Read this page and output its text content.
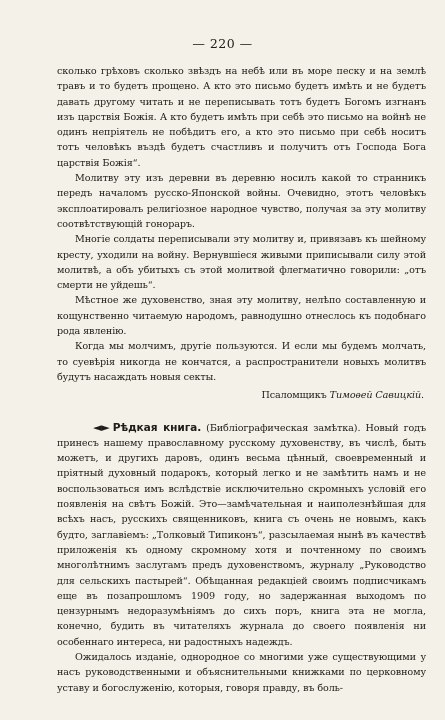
— 220 —

сколько грѣховъ сколько звѣздъ на небѣ или въ море песку и на землѣ травъ и то будетъ прощено. А кто это письмо будетъ имѣть и не будетъ давать другому читать и не переписывать тотъ будетъ Богомъ изгнанъ изъ царствія Божія. А кто будетъ имѣть при себѣ это письмо на войнѣ не одинъ непріятель не побѣдитъ его, а кто это письмо при себѣ носитъ тотъ человѣкъ въздѣ будетъ счастливъ и получитъ отъ Господа Бога царствія Божія“.

Молитву эту изъ деревни въ деревню носилъ какой то странникъ передъ началомъ русско-Японской войны. Очевидно, этотъ человѣкъ эксплоатировалъ религіозное народное чувство, получая за эту молитву соотвѣтствующій гонораръ.

Многіе солдаты переписывали эту молитву и, привязавъ къ шейному кресту, уходили на войну. Вернувшіеся живыми приписывали силу этой молитвѣ, а объ убитыхъ съ этой молитвой флегматично говорили: „отъ смерти не уйдешь“.

Мѣстное же духовенство, зная эту молитву, нелѣпо составленную и кощунственно читаемую народомъ, равнодушно отнеслось къ подобнаго рода явленію.

Когда мы молчимъ, другіе пользуются. И если мы будемъ молчать, то суевѣрія никогда не кончатся, а распространители новыхъ молитвъ будутъ насаждать новыя секты.

Псаломщикъ Тимоѳей Савицкій.

◄► Рѣдкая книга. (Библіографическая замѣтка). Новый годъ принесъ нашему православному русскому духовенству, въ числѣ, быть можетъ, и другихъ даровъ, одинъ весьма цѣнный, своевременный и пріятный духовный подарокъ, который легко и не замѣтить намъ и не воспользоваться имъ вслѣдствіе исключительно скромныхъ условій его появленія на свѣтъ Божій. Это—замѣчательная и наиполезнѣйшая для всѣхъ насъ, русскихъ священниковъ, книга съ очень не новымъ, какъ будто, заглавіемъ: „Толковый Типиконъ“, разсылаемая нынѣ въ качествѣ приложенія къ одному скромному хотя и почтенному по своимъ многолѣтнимъ заслугамъ предъ духовенствомъ, журналу „Руководство для сельскихъ пастырей“. Обѣщанная редакціей своимъ подписчикамъ еще въ позапрошломъ 1909 году, но задержанная выходомъ по цензурнымъ недоразумѣніямъ до сихъ поръ, книга эта не могла, конечно, будить въ читателяхъ журнала до своего появленія ни особеннаго интереса, ни радостныхъ надеждъ.

Ожидалось изданіе, однородное со многими уже существующими у насъ руководственными и объяснительными книжками по церковному уставу и богослуженію, которыя, говоря правду, въ боль-
